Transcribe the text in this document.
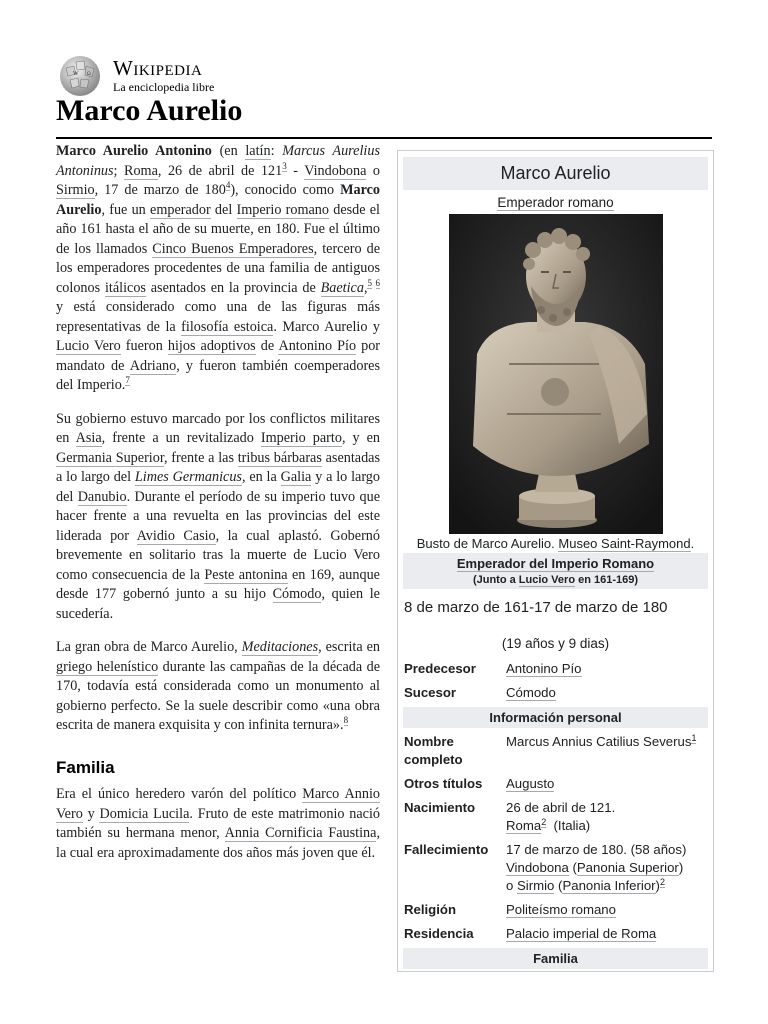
W Ω Wikipedia
La enciclopedia libre
Marco Aurelio

Marco Aurelio Antonino (en latín: Marcus Aurelius Antoninus; Roma, 26 de abril de $121^3$ - Vindobona o Sirmio, 17 de marzo de $180^4$), conocido como Marco Aurelio, fue un emperador del Imperio romano desde el año 161 hasta el año de su muerte, en 180. Fue el último de los llamados Cinco Buenos Emperadores, tercero de los emperadores procedentes de una familia de antiguos colonos itálicos asentados en la provincia de Baetica,$^{5 6}$ y está considerado como una de las figuras más representativas de la filosofía estoica. Marco Aurelio y Lucio Vero fueron hijos adoptivos de Antonino Pío por mandato de Adriano, y fueron también coemperadores del Imperio.$^7$

Su gobierno estuvo marcado por los conflictos militares en Asia, frente a un revitalizado Imperio parto, y en Germania Superior, frente a las tribus bárbaras asentadas a lo largo del Limes Germanicus, en la Galia y a lo largo del Danubio. Durante el período de su imperio tuvo que hacer frente a una revuelta en las provincias del este liderada por Avidio Casio, la cual aplastó. Gobernó brevemente en solitario tras la muerte de Lucio Vero como consecuencia de la Peste antonina en 169, aunque desde 177 gobernó junto a su hijo Cómodo, quien le sucedería.

La gran obra de Marco Aurelio, Meditaciones, escrita en griego helenístico durante las campañas de la década de 170, todavía está considerada como un monumento al gobierno perfecto. Se la suele describir como «una obra escrita de manera exquisita y con infinita ternura».$^8$

Familia

Era el único heredero varón del político Marco Annio Vero y Domicia Lucila. Fruto de este matrimonio nació también su hermana menor, Annia Cornificia Faustina, la cual era aproximadamente dos años más joven que él.

Marco Aurelio
Emperador romano
Busto de Marco Aurelio. Museo Saint-Raymond.
Emperador del Imperio Romano
(Junto a Lucio Vero en 161-169)
8 de marzo de 161-17 de marzo de 180
(19 años y 9 dias)
Predecesor	Antonino Pío
Sucesor	Cómodo
Información personal
Nombre completo	Marcus Annius Catilius Severus$^1$
Otros títulos	Augusto
Nacimiento	26 de abril de 121.
Roma$^2$ (Italia)
Fallecimiento	17 de marzo de 180. (58 años)
Vindobona (Panonia Superior)
o Sirmio (Panonia Inferior)$^2$
Religión	Politeísmo romano
Residencia	Palacio imperial de Roma
Familia
